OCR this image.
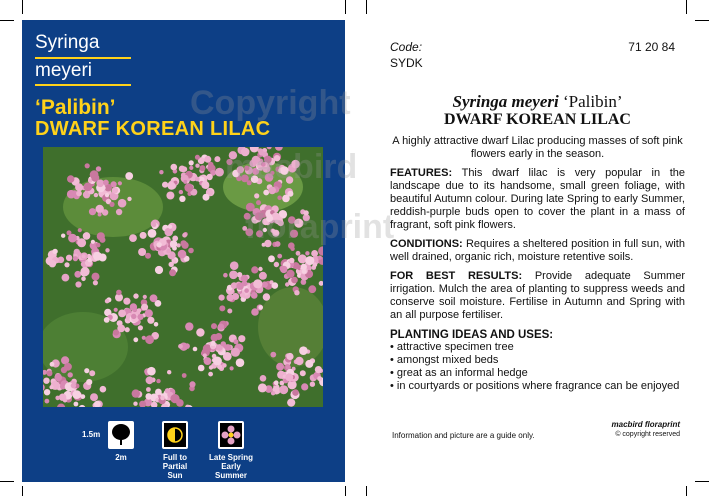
Syringa
meyeri
‘Palibin’
DWARF KOREAN LILAC
1.5m
2m	Full to
Partial
Sun
Late Spring
Early
Summer
Copyright
macbird
floraprint
Code:	71 20 84
SYDK
Syringa meyeri ‘Palibin’
DWARF KOREAN LILAC
A highly attractive dwarf Lilac producing masses of soft pink flowers early in the season.
FEATURES: This dwarf lilac is very popular in the landscape due to its handsome, small green foliage, with beautiful Autumn colour. During late Spring to early Summer, reddish-purple buds open to cover the plant in a mass of fragrant, soft pink flowers.
CONDITIONS: Requires a sheltered position in full sun, with well drained, organic rich, moisture retentive soils.
FOR BEST RESULTS: Provide adequate Summer irrigation. Mulch the area of planting to suppress weeds and conserve soil moisture. Fertilise in Autumn and Spring with an all purpose fertiliser.
PLANTING IDEAS AND USES:
• attractive specimen tree
• amongst mixed beds
• great as an informal hedge
• in courtyards or positions where fragrance can be enjoyed
Information and picture are a guide only.
macbird floraprint
© copyright reserved
